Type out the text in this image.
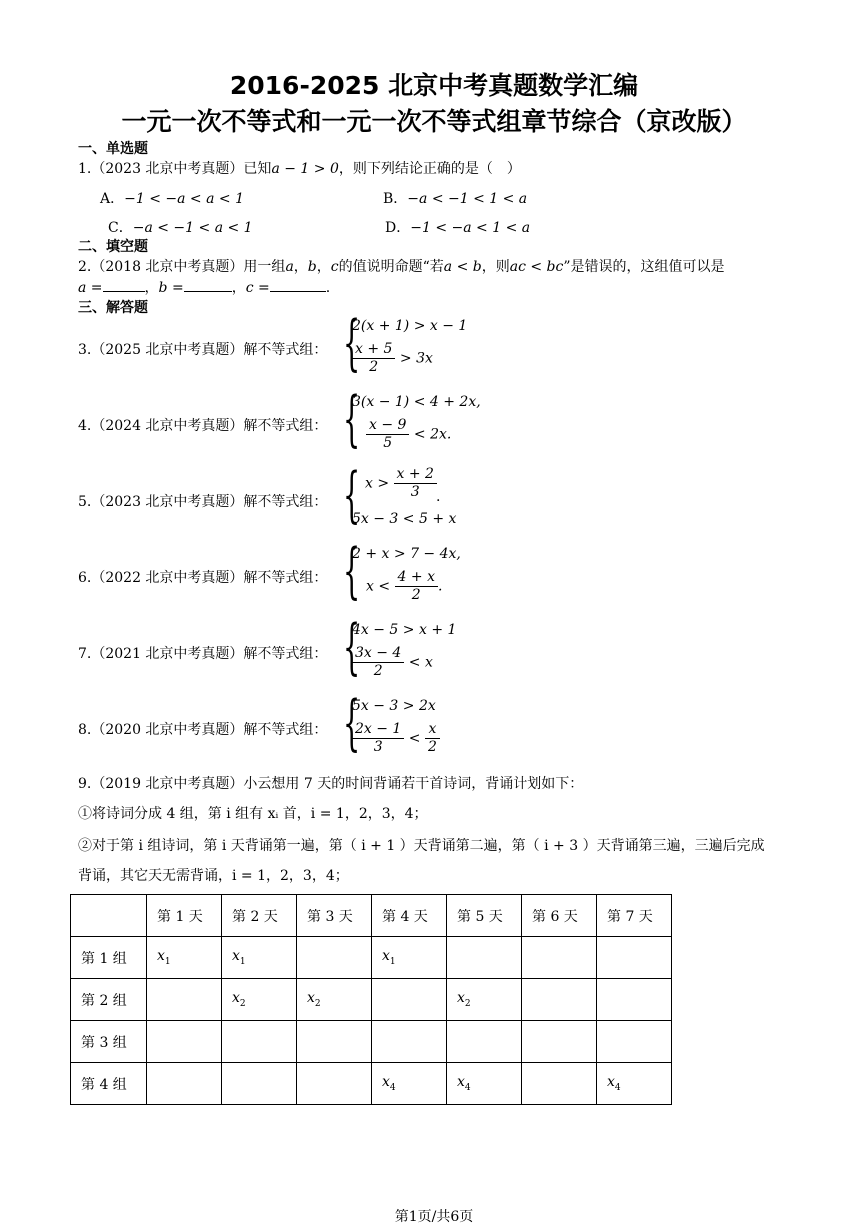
2016-2025 北京中考真题数学汇编
一元一次不等式和一元一次不等式组章节综合（京改版）
一、单选题
1.（2023 北京中考真题）已知a − 1 > 0，则下列结论正确的是（　）
A．−1 < −a < a < 1	B．−a < −1 < 1 < a
C．−a < −1 < a < 1	D．−1 < −a < 1 < a
二、填空题
2.（2018 北京中考真题）用一组a，b，c的值说明命题“若a < b，则ac < bc”是错误的，这组值可以是
a =	，b =	，c =	.
三、解答题
3.（2025 北京中考真题）解不等式组： {
2(x + 1) > x − 1
$\frac{x + 5}{2} > 3x$
4.（2024 北京中考真题）解不等式组： {
3(x − 1) < 4 + 2x,
$\frac{x - 9}{5} < 2x$.
5.（2023 北京中考真题）解不等式组： { $x > \frac{x + 2}{3}$ .
5x − 3 < 5 + x
6.（2022 北京中考真题）解不等式组： {
2 + x > 7 − 4x,
$x < \frac{4 + x}{2}$ .
7.（2021 北京中考真题）解不等式组： {
4x − 5 > x + 1
$\frac{3x - 4}{2} < x$
8.（2020 北京中考真题）解不等式组： {
5x − 3 > 2x
$\frac{2x - 1}{3} < \frac{x}{2}$
9.（2019 北京中考真题）小云想用 7 天的时间背诵若干首诗词，背诵计划如下：
①将诗词分成 4 组，第 i 组有 xᵢ 首，i = 1，2，3，4；
②对于第 i 组诗词，第 i 天背诵第一遍，第（ i + 1 ）天背诵第二遍，第（ i + 3 ）天背诵第三遍，三遍后完成
背诵，其它天无需背诵，i = 1，2，3，4；
	第 1 天	第 2 天	第 3 天	第 4 天	第 5 天	第 6 天	第 7 天
第 1 组	$x_1$	$x_1$		$x_1$			
第 2 组		$x_2$	$x_2$		$x_2$		
第 3 组							
第 4 组				$x_4$	$x_4$		$x_4$
第1页/共6页
